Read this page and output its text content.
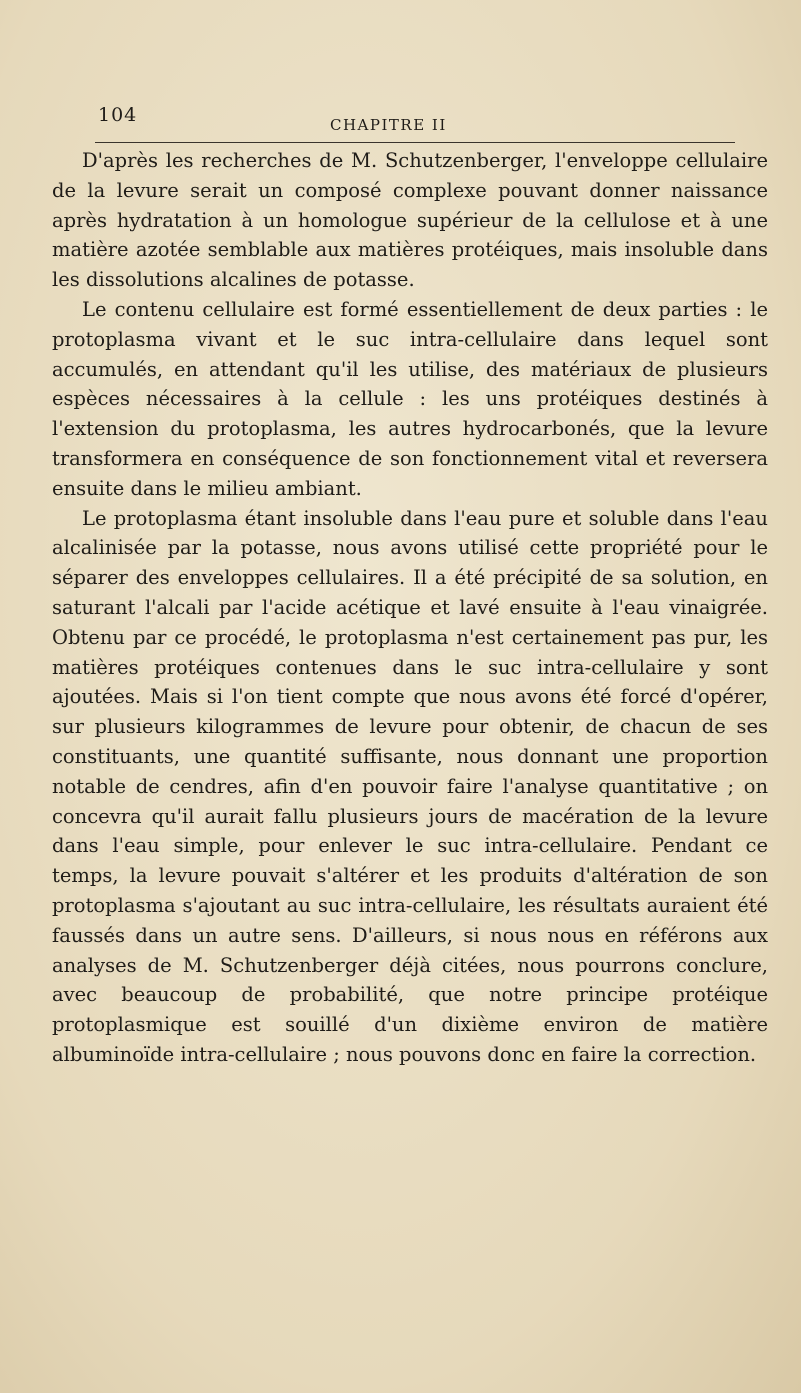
104	CHAPITRE II

D'après les recherches de M. Schutzenberger, l'enveloppe cellulaire de la levure serait un composé complexe pouvant donner naissance après hydratation à un homologue supérieur de la cellulose et à une matière azotée semblable aux matières protéiques, mais insoluble dans les dissolutions alcalines de potasse.

Le contenu cellulaire est formé essentiellement de deux parties : le protoplasma vivant et le suc intra-cellulaire dans lequel sont accumulés, en attendant qu'il les utilise, des matériaux de plusieurs espèces nécessaires à la cellule : les uns protéiques destinés à l'extension du protoplasma, les autres hydrocarbonés, que la levure transformera en conséquence de son fonctionnement vital et reversera ensuite dans le milieu ambiant.

Le protoplasma étant insoluble dans l'eau pure et soluble dans l'eau alcalinisée par la potasse, nous avons utilisé cette propriété pour le séparer des enveloppes cellulaires. Il a été précipité de sa solution, en saturant l'alcali par l'acide acétique et lavé ensuite à l'eau vinaigrée. Obtenu par ce procédé, le protoplasma n'est certainement pas pur, les matières protéiques contenues dans le suc intra-cellulaire y sont ajoutées. Mais si l'on tient compte que nous avons été forcé d'opérer, sur plusieurs kilogrammes de levure pour obtenir, de chacun de ses constituants, une quantité suffisante, nous donnant une proportion notable de cendres, afin d'en pouvoir faire l'analyse quantitative ; on concevra qu'il aurait fallu plusieurs jours de macération de la levure dans l'eau simple, pour enlever le suc intra-cellulaire. Pendant ce temps, la levure pouvait s'altérer et les produits d'altération de son protoplasma s'ajoutant au suc intra-cellulaire, les résultats auraient été faussés dans un autre sens. D'ailleurs, si nous nous en référons aux analyses de M. Schutzenberger déjà citées, nous pourrons conclure, avec beaucoup de probabilité, que notre principe protéique protoplasmique est souillé d'un dixième environ de matière albuminoïde intra-cellulaire ; nous pouvons donc en faire la correction.
